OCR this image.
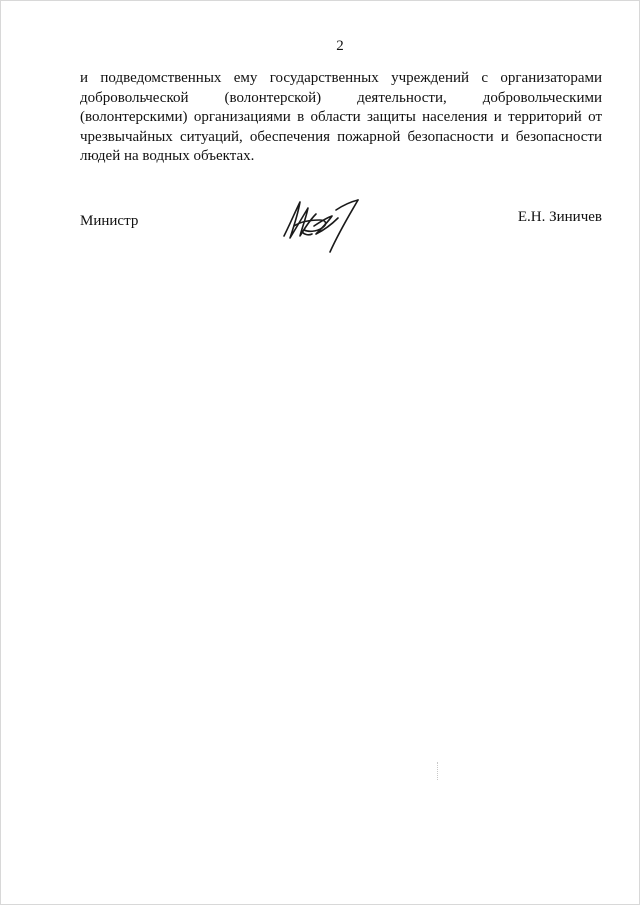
2
и подведомственных ему государственных учреждений с организаторами
добровольческой (волонтерской) деятельности, добровольческими
(волонтерскими) организациями в области защиты населения и территорий от
чрезвычайных ситуаций, обеспечения пожарной безопасности и безопасности
людей на водных объектах.
Министр	Е.Н. Зиничев
